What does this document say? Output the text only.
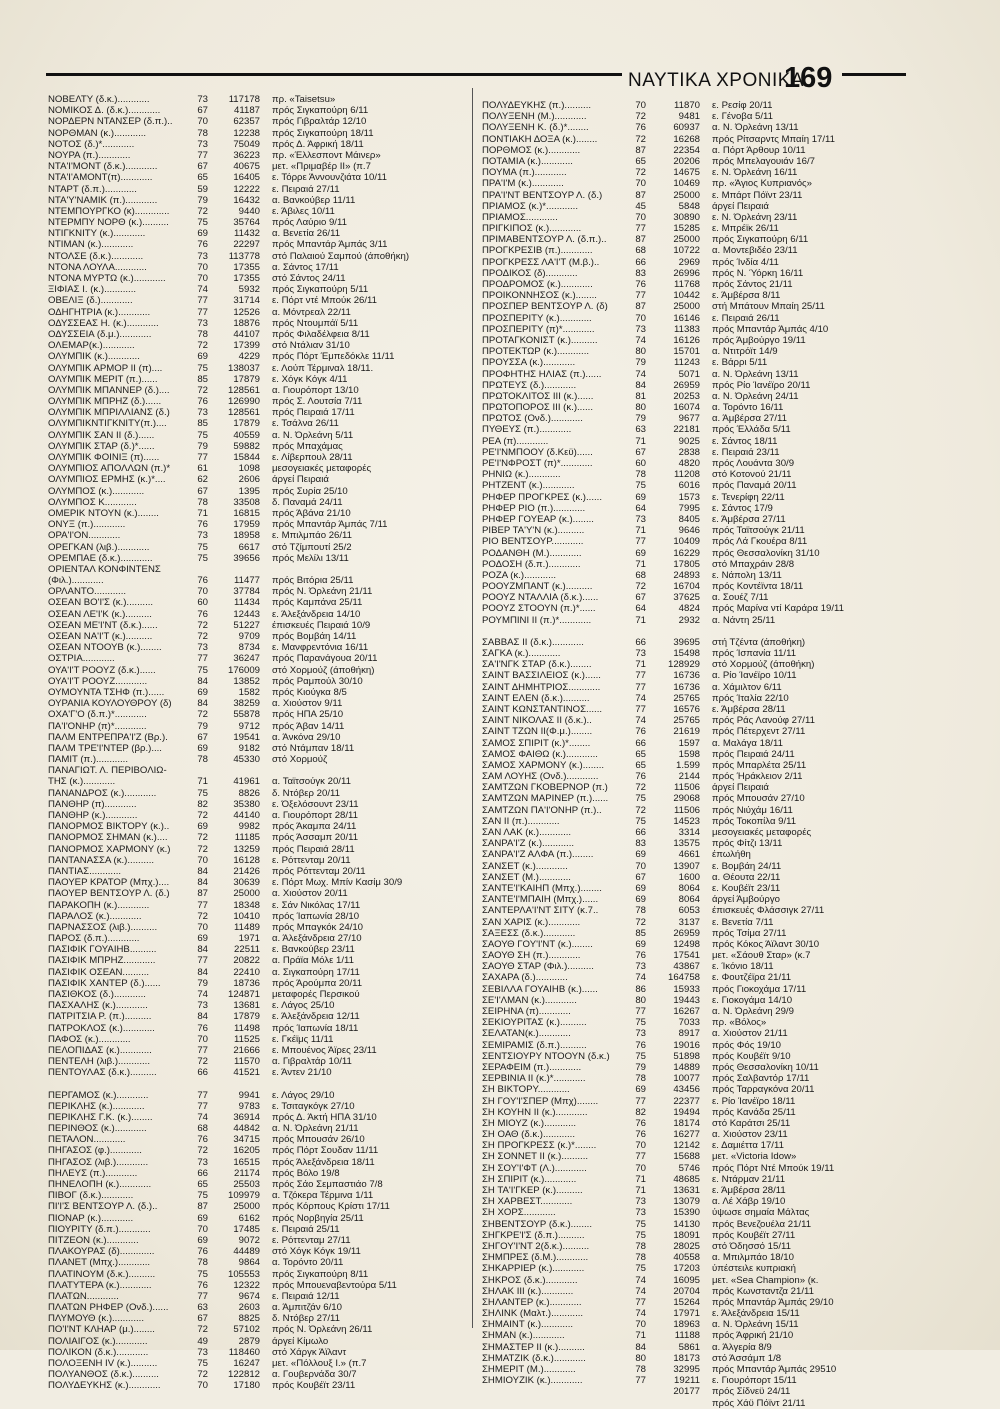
ΝΑΥΤΙΚΑ ΧΡΟΝΙΚΑ
169
ΝΟΒΕΛΤΥ (δ.κ.)............	73	117178	πρ. «Taisetsu»
ΝΟΜΙΚΟΣ Δ. (δ.κ.)............	67	41187	πρός Σιγκαπούρη 6/11
ΝΟΡΔΕΡΝ ΝΤΑΝΣΕΡ (δ.π.)..	70	62357	πρός Γιβραλτάρ 12/10
ΝΟΡΘΜΑΝ (κ.)............	78	12238	πρός Σιγκαπούρη 18/11
ΝΟΤΟΣ (δ.)*............	73	75049	πρός Δ. Άφρική 18/11
ΝΟΥΡΑ (π.)............	77	36223	πρ. «Έλλεσποντ Μάινερ»
ΝΤΑ'Ι'ΜΟΝΤ (δ.κ.)............	67	40675	μετ. «Πριμαβέρ ΙΙ» (π.7
ΝΤΑ'Ι'ΑΜΟΝΤ(π)............	65	16405	ε. Τόρρε Άννουνζιάτα 10/11
ΝΤΑΡΤ (δ.π.)............	59	12222	ε. Πειραιά 27/11
ΝΤΑ'Υ'ΝΑΜΙΚ (π.)............	79	16432	α. Βανκούβερ 11/11
ΝΤΕΜΠΟΥΡΓΚΟ (κ).............	72	9440	ε. Άβιλες 10/11
ΝΤΕΡΜΠΥ ΝΟΡΘ (κ.)..........	75	35764	πρός Λαύριο 9/11
ΝΤΙΓΚΝΙΤΥ (κ.)............	69	11432	α. Βενετία 26/11
ΝΤΙΜΑΝ (κ.)............	76	22297	πρός Μπαντάρ Άμπάς 3/11
ΝΤΟΛΣΕ (δ.κ.)............	73	113778	στό Παλαιού Σαμπού (άποθήκη)
ΝΤΟΝΑ ΛΟΥΛΑ............	70	17355	α. Σάντος 17/11
ΝΤΟΝΑ ΜΥΡΤΩ (κ.)............	70	17355	στό Σάντος 24/11
ΞΙΦΙΑΣ Ι. (κ.)............	74	5932	πρός Σιγκαπούρη 5/11
ΟΒΕΛΙΞ (δ.)............	77	31714	ε. Πόρτ ντέ Μπούκ 26/11
ΟΔΗΓΗΤΡΙΑ (κ.)............	77	12526	α. Μόντρεαλ 22/11
ΟΔΥΣΣΕΑΣ Η. (κ.)............	73	18876	πρός Ντουμπάϊ 5/11
ΟΔΥΣΣΕΙΑ (δ.μ.)............	78	44107	πρός Φιλαδέλφεια 8/11
ΟΛΕΜΑΡ(κ.)............	72	17399	στό Ντάλιαν 31/10
ΟΛΥΜΠΙΚ (κ.)............	69	4229	πρός Πόρτ Έμπεδόκλε 11/11
ΟΛΥΜΠΙΚ ΑΡΜΟΡ ΙΙ (π)....	75	138037	ε. Λούπ Τέρμιναλ 18/11.
ΟΛΥΜΠΙΚ ΜΕΡΙΤ (π.)......	85	17879	ε. Χόγκ Κόγκ 4/11
ΟΛΥΜΠΙΚ ΜΠΑΝΝΕΡ (δ.)....	72	128561	α. Γιουρόπορτ 13/10
ΟΛΥΜΠΙΚ ΜΠΡΗΖ (δ.)......	76	126990	πρός Σ. Λουτσία 7/11
ΟΛΥΜΠΙΚ ΜΠΡΙΛΛΙΑΝΣ (δ.)	73	128561	πρός Πειραιά 17/11
ΟΛΥΜΠΙΚΝΤΙΓΚΝΙΤΥ(π.)....	85	17879	ε. Τσάλνα 26/11
ΟΛΥΜΠΙΚ ΣΑΝ ΙΙ (δ.)......	75	40559	α. Ν. Όρλεάνη 5/11
ΟΛΥΜΠΙΚ ΣΤΑΡ (δ.)*......	79	59882	πρός Μπαχάμας
ΟΛΥΜΠΙΚ ΦΟΙΝΙΞ (π)......	77	15844	ε. Λίβερπουλ 28/11
ΟΛΥΜΠΙΟΣ ΑΠΟΛΛΩΝ (π.)*	61	1098	μεσογειακές μεταφορές
ΟΛΥΜΠΙΟΣ ΕΡΜΗΣ (κ.)*....	62	2606	άργεί Πειραιά
ΟΛΥΜΠΟΣ (κ.)............	67	1395	πρός Συρία 25/10
ΟΛΥΜΠΟΣ Κ............	78	33508	δ. Παναμά 24/11
ΟΜΕΡΙΚ ΝΤΟΥΝ (κ.)........	71	16815	πρός Άβάνα 21/10
ΟΝΥΞ (π.)............	76	17959	πρός Μπαντάρ Άμπάς 7/11
ΟΡΑ'Ι'ΟΝ............	73	18958	ε. Μπιλμπάο 26/11
ΟΡΕΓΚΑΝ (λιβ.)............	75	6617	στό Τζίμπουτί 25/2
ΟΡΕΜΠΑΕ (δ.κ.)............	75	39656	πρός Μελίλι 13/11
ΟΡΙΕΝΤΑΛ ΚΟΝΦΙΝΤΕΝΣ
(Φιλ.)............	76	11477	πρός Βιτόρια 25/11
ΟΡΛΑΝΤΟ............	70	37784	πρός Ν. Όρλεάνη 21/11
ΟΣΕΑΝ ΒΟ'Ι'Σ (κ.)..........	60	11434	πρός Καμπάνα 25/11
ΟΣΕΑΝ ΛΕ'Ι'Κ (κ.)..........	76	12443	ε. Άλεξάνδρεια 14/10
ΟΣΕΑΝ ΜΕ'Ι'ΝΤ (δ.κ.)......	72	51227	έπισκευές Πειραιά 10/9
ΟΣΕΑΝ ΝΑ'Ι'Τ (κ.)..........	72	9709	πρός Βομβάη 14/11
ΟΣΕΑΝ ΝΤΟΟΥΒ (κ.)........	73	8734	ε. Μανφρεντόνια 16/11
ΟΣΤΡΙΑ............	77	36247	πρός Παρανάγουα 20/11
ΟΥΑ'Ι'Τ ΡΟΟΥΖ (δ.κ.)......	75	176009	στό Χορμούζ (άποθήκη)
ΟΥΑ'Ι'Τ ΡΟΟΥΖ............	84	13852	πρός Ραμπούλ 30/10
ΟΥΜΟΥΝΤΑ ΤΣΗΦ (π.)......	69	1582	πρός Κιούγκα 8/5
ΟΥΡΑΝΙΑ ΚΟΥΛΟΥΘΡΟΥ (δ)	84	38259	α. Χιούστον 9/11
ΟΧΑ'Γ'Ο (δ.π.)*............	72	55878	πρός ΗΠΑ 25/10
ΠΑ'Ι'ΟΝΗΡ (π)*............	79	9712	πρός Άβαν 14/11
ΠΑΛΜ ΕΝΤΡΕΠΡΑ'Ι'Ζ (Βρ.).	67	19541	α. Άνκόνα 29/10
ΠΑΛΜ ΤΡΕ'Ι'ΝΤΕΡ (βρ.)....	69	9182	στό Ντάμπαν 18/11
ΠΑΜΙΤ (π.)............	78	45330	στό Χορμούζ
ΠΑΝΑΓΙΩΤ. Λ. ΠΕΡΙΒΟΛΙΩ-
ΤΗΣ (κ.)............	71	41961	α. Ταϊτσούγκ 20/11
ΠΑΝΑΝΔΡΟΣ (κ.)............	75	8826	δ. Ντόβερ 20/11
ΠΑΝΘΗΡ (π)............	82	35380	ε. Όξελόσουντ 23/11
ΠΑΝΘΗΡ (κ.)............	72	44140	α. Γιουρόπορτ 28/11
ΠΑΝΟΡΜΟΣ ΒΙΚΤΟΡΥ (κ.)..	69	9982	πρός Άκαμπα 24/11
ΠΑΝΟΡΜΟΣ ΣΗΜΑΝ (κ.)....	72	11185	πρός Άσσαμπ 20/11
ΠΑΝΟΡΜΟΣ ΧΑΡΜΟΝΥ (κ.)	72	13259	πρός Πειραιά 28/11
ΠΑΝΤΑΝΑΣΣΑ (κ.)..........	70	16128	ε. Ρόττενταμ 20/11
ΠΑΝΤΙΑΣ............	84	21426	πρός Ρόττενταμ 20/11
ΠΑΟΥΕΡ ΚΡΑΤΟΡ (Μπχ.)....	84	30639	ε. Πόρτ Μωχ. Μπίν Κασίμ 30/9
ΠΑΟΥΕΡ ΒΕΝΤΣΟΥΡ Λ. (δ.)	87	25000	α. Χιούστον 20/11
ΠΑΡΑΚΟΠΗ (κ.)............	77	18348	ε. Σάν Νικόλας 17/11
ΠΑΡΑΛΟΣ (κ.)............	72	10410	πρός Ίαπωνία 28/10
ΠΑΡΝΑΣΣΟΣ (λιβ.)..........	70	11489	πρός Μπαγκόκ 24/10
ΠΑΡΟΣ (δ.π.)............	69	1971	α. Άλεξάνδρεια 27/10
ΠΑΣΙΦΙΚ ΓΟΥΑΙΗΒ..........	84	22511	ε. Βανκούβερ 23/11
ΠΑΣΙΦΙΚ ΜΠΡΗΖ............	77	20822	α. Πράϊα Μόλε 1/11
ΠΑΣΙΦΙΚ ΟΣΕΑΝ..........	84	22410	α. Σιγκαπούρη 17/11
ΠΑΣΙΦΙΚ ΧΑΝΤΕΡ (δ.)......	79	18736	πρός Άρούμπα 20/11
ΠΑΣΙΘΚΟΣ (δ.)............	74	124871	μεταφορές Περσικού
ΠΑΣΧΑΛΗΣ (κ.)............	73	13681	ε. Λάγος 25/10
ΠΑΤΡΙΤΣΙΑ Ρ. (π.)..........	84	17879	ε. Άλεξάνδρεια 12/11
ΠΑΤΡΟΚΛΟΣ (κ.)............	76	11498	πρός Ίαπωνία 18/11
ΠΑΦΟΣ (κ.)............	70	11525	ε. Γκέϊμς 11/11
ΠΕΛΟΠΙΔΑΣ (κ.)............	77	21666	ε. Μπουένος Άϊρες 23/11
ΠΕΝΤΕΛΗ (λιβ.)............	72	11570	α. Γιβραλτάρ 10/11
ΠΕΝΤΟΥΛΑΣ (δ.κ.)..........	66	41521	ε. Άντεν 21/10
ΠΕΡΓΑΜΟΣ (κ.)............	77	9941	ε. Λάγος 29/10
ΠΕΡΙΚΛΗΣ (κ.)............	77	9783	ε. Τσιταγκόγκ 27/10
ΠΕΡΙΚΛΗΣ Γ.Κ. (κ.)........	74	36914	πρός Δ. Άκτή ΗΠΑ 31/10
ΠΕΡΙΝΘΟΣ (κ.)............	68	44842	α. Ν. Όρλεάνη 21/11
ΠΕΤΑΛΟΝ............	76	34715	πρός Μπουσάν 26/10
ΠΗΓΑΣΟΣ (φ.)............	72	16205	πρός Πόρτ Σουδαν 11/11
ΠΗΓΑΣΟΣ (λιβ.)............	73	16515	πρός Άλεξάνδρεια 18/11
ΠΗΛΕΥΣ (π.)............	66	21174	πρός Βόλο 19/8
ΠΗΝΕΛΟΠΗ (κ.)............	65	25503	πρός Σάο Σεμπαστιάο 7/8
ΠΙΒΟΓ (δ.κ.)............	75	109979	α. Τζόκερα Τέρμινα 1/11
ΠΙ'Ι'Σ ΒΕΝΤΣΟΥΡ Λ. (δ.)..	87	25000	πρός Κόρπους Κρίστι 17/11
ΠΙΟΝΑΡ (κ.)............	69	6162	πρός Νορβηγία 25/11
ΠΙΟΥΡΙΤΥ (δ.π.)............	70	17485	ε. Πειραιά 25/11
ΠΙΤΖΕΟΝ (κ.)............	69	9072	ε. Ρόττενταμ 27/11
ΠΛΑΚΟΥΡΑΣ (δ).............	76	44489	στό Χόγκ Κόγκ 19/11
ΠΛΑΝΕΤ (Μπχ.)............	78	9864	α. Τορόντο 20/11
ΠΛΑΤΙΝΟΥΜ (δ.κ.)..........	75	105553	πρός Σιγκαπούρη 8/11
ΠΛΑΤΥΤΕΡΑ (κ.)............	76	12322	πρός Μπουεναβεντούρα 5/11
ΠΛΑΤΩΝ............	77	9674	ε. Πειραιά 12/11
ΠΛΑΤΩΝ ΡΗΦΕΡ (Ονδ.)......	63	2603	α. Άμπιτζάν 6/10
ΠΛΥΜΟΥΘ (κ.)............	67	8825	δ. Ντόβερ 27/11
ΠΟ'Ι'ΝΤ ΚΛΗΑΡ (μ.)........	72	57102	πρός Ν. Όρλεάνη 26/11
ΠΟΛΙΑΙΓΟΣ (κ.)............	49	2879	άργεί Κίμωλο
ΠΟΛΙΚΟΝ (δ.κ.)............	73	118460	στό Χάργκ Άϊλαντ
ΠΟΛΟΞΕΝΗ ΙV (κ.)..........	75	16247	μετ. «Πόλλουξ Ι.» (π.7
ΠΟΛΥΑΝΘΟΣ (δ.κ.)..........	72	122812	α. Γουβερνάδα 30/7
ΠΟΛΥΔΕΥΚΗΣ (κ.)............	70	17180	πρός Κουβέϊτ 23/11
ΠΟΛΥΔΕΥΚΗΣ (π.)..........	70	11870	ε. Ρεσίφ 20/11
ΠΟΛΥΞΕΝΗ (Μ.)............	72	9481	ε. Γένοβα 5/11
ΠΟΛΥΞΕΝΗ Κ. (δ.)*........	76	60937	α. Ν. Όρλεάνη 13/11
ΠΟΝΤΙΑΚΗ ΔΟΞΑ (κ.)........	72	16268	πρός Ρίτσαρντς Μπαίη 17/11
ΠΟΡΘΜΟΣ (κ.)............	87	22354	α. Πόρτ Άρθουρ 10/11
ΠΟΤΑΜΙΑ (κ.)............	65	20206	πρός Μπελαγουιάν 16/7
ΠΟΥΜΑ (π.)............	72	14675	ε. Ν. Όρλεάνη 16/11
ΠΡΑ'Ι'Μ (κ.)............	70	10469	πρ. «Άγιος Κυπριανός»
ΠΡΑ'Ι'ΝΤ ΒΕΝΤΣΟΥΡ Λ. (δ.)	87	25000	ε. Μπάρτ Πόϊντ 23/11
ΠΡΙΑΜΟΣ (κ.)*............	45	5848	άργεί Πειραιά
ΠΡΙΑΜΟΣ............	70	30890	ε. Ν. Όρλεάνη 23/11
ΠΡΙΓΚΙΠΟΣ (κ.)............	77	15285	ε. Μπρέϊκ 26/11
ΠΡΙΜΑΒΕΝΤΣΟΥΡ Λ. (δ.π.)..	87	25000	πρός Σιγκαπούρη 6/11
ΠΡΟΓΚΡΕΣΙΒ (π.)............	68	10722	α. Μοντεβιδέο 23/11
ΠΡΟΓΚΡΕΣΣ ΛΑ'Ι'Τ (Μ.β.)..	66	2969	πρός Ίνδία 4/11
ΠΡΟΔΙΚΟΣ (δ)............	83	26996	πρός Ν. Ύόρκη 16/11
ΠΡΟΔΡΟΜΟΣ (κ.)............	76	11768	πρός Σάντος 21/11
ΠΡΟΙΚΟΝΝΗΣΟΣ (κ.)........	77	10442	ε. Άμβέρσα 8/11
ΠΡΟΣΠΕΡ ΒΕΝΤΣΟΥΡ Λ. (δ)	87	25000	στή Μπάτουν Μπαίη 25/11
ΠΡΟΣΠΕΡΙΤΥ (κ.)............	70	16146	ε. Πειραιά 26/11
ΠΡΟΣΠΕΡΙΤΥ (π)*............	73	11383	πρός Μπαντάρ Άμπάς 4/10
ΠΡΟΤΑΓΚΟΝΙΣΤ (κ.)..........	74	16126	πρός Άμβούργο 19/11
ΠΡΟΤΕΚΤΩΡ (κ.)............	80	15701	α. Ντιτρόϊτ 14/9
ΠΡΟΥΣΣΑ (κ.)............	79	11243	ε. Βάρρι 5/11
ΠΡΟΦΗΤΗΣ ΗΛΙΑΣ (π.)......	74	5071	α. Ν. Όρλεάνη 13/11
ΠΡΩΤΕΥΣ (δ.)............	84	26959	πρός Ρίο Ίανέϊρο 20/11
ΠΡΩΤΟΚΛΙΤΟΣ ΙΙΙ (κ.)......	81	20253	α. Ν. Όρλεάνη 24/11
ΠΡΩΤΟΠΟΡΟΣ ΙΙΙ (κ.)......	80	16074	α. Τορόντο 16/11
ΠΡΩΤΟΣ (Ονδ.)............	79	9677	α. Άμβέρσα 27/11
ΠΥΘΕΥΣ (π.)............	63	22181	πρός Έλλάδα 5/11
ΡΕΑ (π)............	71	9025	ε. Σάντος 18/11
ΡΕ'Ι'ΝΜΠΟΟΥ (δ.Κεϋ)......	67	2838	ε. Πειραιά 23/11
ΡΕ'Ι'ΝΦΡΟΣΤ (π)*............	60	4820	πρός Λουάντα 30/9
ΡΗΝΙΩ (κ.)............	78	11208	στό Κοτονού 21/11
ΡΗΤΖΕΝΤ (κ.)............	75	6016	πρός Παναμά 20/11
ΡΗΦΕΡ ΠΡΟΓΚΡΕΣ (κ.)......	69	1573	ε. Τενερίφη 22/11
ΡΗΦΕΡ ΡΙΟ (π.)............	64	7995	ε. Σάντος 17/9
ΡΗΦΕΡ ΓΟΥΕΑΡ (κ.)........	73	8405	ε. Άμβέρσα 27/11
ΡΙΒΕΡ ΤΑ'Υ'Ν (κ.)..........	71	9646	πρός Ταϊτσούγκ 21/11
ΡΙΟ ΒΕΝΤΣΟΥΡ............	77	10409	πρός Λά Γκουέρα 8/11
ΡΟΔΑΝΘΗ (Μ.)............	69	16229	πρός Θεσσαλονίκη 31/10
ΡΟΔΟΣΗ (δ.π.)............	71	17805	στό Μπαχράιν 28/8
ΡΟΖΑ (κ.)............	68	24893	ε. Νάπολη 13/11
ΡΟΟΥΖΜΠΑΝΤ (κ.)..........	72	16704	πρός Κοντέϊντα 18/11
ΡΟΟΥΖ ΝΤΑΛΛΙΑ (δ.κ.)......	67	37625	α. Σουέζ 7/11
ΡΟΟΥΖ ΣΤΟΟΥΝ (π.)*......	64	4824	πρός Μαρίνα ντί Καράρα 19/11
ΡΟΥΜΠΙΝΙ ΙΙ (π.)*............	71	2932	α. Νάντη 25/11
ΣΑΒΒΑΣ ΙΙ (δ.κ.)............	66	39695	στή Τζέντα (άποθήκη)
ΣΑΓΚΑ (κ.)............	73	15498	πρός Ίσπανία 11/11
ΣΑ'Ι'ΝΓΚ ΣΤΑΡ (δ.κ.)........	71	128929	στό Χορμούζ (άποθήκη)
ΣΑΙΝΤ ΒΑΣΣΙΛΕΙΟΣ (κ.)......	77	16736	α. Ρίο Ίανέϊρο 10/11
ΣΑΙΝΤ ΔΗΜΗΤΡΙΟΣ............	77	16736	α. Χάμιλτον 6/11
ΣΑΙΝΤ ΕΛΕΝ (δ.κ.)..........	74	25765	πρός Ίταλία 22/10
ΣΑΙΝΤ ΚΩΝΣΤΑΝΤΙΝΟΣ......	77	16576	ε. Άμβέρσα 28/11
ΣΑΙΝΤ ΝΙΚΟΛΑΣ ΙΙ (δ.κ.)..	74	25765	πρός Ράς Λανούφ 27/11
ΣΑΙΝΤ ΤΖΩΝ ΙΙ(Φ.μ.)........	76	21619	πρός Πέτερχεντ 27/11
ΣΑΜΟΣ ΣΠΙΡΙΤ (κ.)*........	66	1597	α. Μαλάγα 18/11
ΣΑΜΟΣ ΦΑΙΘΩ (κ.)............	65	1598	πρός Πειραιά 24/11
ΣΑΜΟΣ ΧΑΡΜΟΝΥ (κ.)........	65	1.599	πρός Μπαρλέτα 25/11
ΣΑΜ ΛΟΥΗΣ (Ονδ.)............	76	2144	πρός Ήράκλειον 2/11
ΣΑΜΤΖΩΝ ΓΚΟΒΕΡΝΟΡ (π.)	72	11506	άργεί Πειραιά
ΣΑΜΤΖΩΝ ΜΑΡΙΝΕΡ (π.)......	75	29068	πρός Μπουσάν 27/10
ΣΑΜΤΖΩΝ ΠΑ'Ι'ΟΝΗΡ (π.)..	72	11506	πρός Νιύχάμ 16/11
ΣΑΝ ΙΙ (π.)............	75	14523	πρός Τοκοπίλα 9/11
ΣΑΝ ΛΑΚ (κ.)............	66	3314	μεσογειακές μεταφορές
ΣΑΝΡΑ'Ι'Ζ (κ.)............	83	13575	πρός Φίτζι 13/11
ΣΑΝΡΑ'Ι'Ζ ΑΛΦΑ (π.)........	69	4661	έπωλήθη
ΣΑΝΣΕΤ (κ.)............	70	13907	ε. Βομβάη 24/11
ΣΑΝΣΕΤ (Μ.)............	67	1600	α. Θέουτα 22/11
ΣΑΝΤΕ'Ι'ΚΑΙΗΠ (Μπχ.)........	69	8064	ε. Κουβέϊτ 23/11
ΣΑΝΤΕ'Ι'ΜΠΑΙΗ (Μπχ.)......	69	8064	άργεί Άμβούργο
ΣΑΝΤΕΡΛΑ'Ι'ΝΤ ΣΙΤΥ (κ.7..	78	6053	έπισκευές Φλάσσιγκ 27/11
ΣΑΝ ΧΑΡΙΣ (κ.)............	72	3137	ε. Βενετία 7/11
ΣΑΞΕΣΣ (δ.κ.)............	85	26959	πρός Τσίμα 27/11
ΣΑΟΥΘ ΓΟΥ'Ι'ΝΤ (κ.)........	69	12498	πρός Κόκος Άϊλαντ 30/10
ΣΑΟΥΘ ΣΗ (π.)............	76	17541	μετ. «Σάουθ Σταρ» (κ.7
ΣΑΟΥΘ ΣΤΑΡ (Φιλ.)..........	73	43867	ε. Ίκόνιο 18/11
ΣΑΧΑΡΑ (δ.)............	74	164758	ε. Φουτζέϊρα 21/11
ΣΕΒΙΛΛΑ ΓΟΥΑΙΗΒ (κ.)......	86	15933	πρός Γιοκοχάμα 17/11
ΣΕ'Ι'ΛΜΑΝ (κ.)............	80	19443	ε. Γιοκογάμα 14/10
ΣΕΙΡΗΝΑ (π)............	77	16267	α. Ν. Όρλεάνη 29/9
ΣΕΚΙΟΥΡΙΤΑΣ (κ.)..........	75	7033	πρ. «Βόλος»
ΣΕΛΑΤΑΝ(κ.)............	73	8917	α. Χιούστον 21/11
ΣΕΜΙΡΑΜΙΣ (δ.π.)..........	76	19016	πρός Φός 19/10
ΣΕΝΤΣΙΟΥΡΥ ΝΤΟΟΥΝ (δ.κ.)	75	51898	πρός Κουβέϊτ 9/10
ΣΕΡΑΦΕΙΜ (π.)............	79	14889	πρός Θεσσαλονίκη 10/11
ΣΕΡΒΙΝΙΑ ΙΙ (κ.)*............	78	10077	πρός Σαλβαντόρ 17/11
ΣΗ ΒΙΚΤΟΡΥ............	69	43456	πρός Ταρραγκόνα 20/11
ΣΗ ΓΟΥ'Ι'ΣΠΕΡ (Μπχ)........	77	22377	ε. Ρίο Ίανέϊρο 18/11
ΣΗ ΚΟΥΗΝ ΙΙ (κ.)............	82	19494	πρός Κανάδα 25/11
ΣΗ ΜΙΟΥΖ (κ.)............	76	18174	στό Καράτσι 25/11
ΣΗ ΟΑΘ (δ.κ.)............	76	16277	α. Χιούστον 23/11
ΣΗ ΠΡΟΓΚΡΕΣΣ (κ.)*........	70	12142	ε. Δαμιέττα 17/11
ΣΗ ΣΟΝΝΕΤ ΙΙ (κ.)..........	77	15688	μετ. «Victoria Idow»
ΣΗ ΣΟΥ'Ι'ΦΤ (Λ.)............	70	5746	πρός Πόρτ Ντέ Μπούκ 19/11
ΣΗ ΣΠΙΡΙΤ (κ.)............	71	48685	ε. Ντάρμαν 21/11
ΣΗ ΤΑ'Ι'ΓΚΕΡ (κ.)..........	71	13631	ε. Άμβέρσα 28/11
ΣΗ ΧΑΡΒΕΣΤ............	73	13079	α. Λέ Χάβρ 19/10
ΣΗ ΧΟΡΣ............	73	15390	ύψωσε σημαία Μάλτας
ΣΗΒΕΝΤΣΟΥΡ (δ.κ.)........	75	14130	πρός Βενεζουέλα 21/11
ΣΗΓΚΡΕ'Ι'Σ (δ.π.)..........	75	18091	πρός Κουβέϊτ 27/11
ΣΗΓΟΥ'Ι'ΝΤ 2(δ.κ.)..........	78	28025	στό Όδησσό 15/11
ΣΗΜΠΡΕΣ (δ.Μ.)............	78	40558	α. Μπιλμπάο 18/10
ΣΗΚΑΡΡΙΕΡ (κ.)............	75	17203	ύπέστειλε κυπριακή
ΣΗΚΡΟΣ (δ.κ.)............	74	16095	μετ. «Sea Champion» (κ.
ΣΗΛΑΚ ΙΙΙ (κ.)............	74	20704	πρός Κωνσταντζα 21/11
ΣΗΛΑΝΤΕΡ (κ.)............	77	15264	πρός Μπαντάρ Άμπάς 29/10
ΣΗΛΙΝΚ (Μαλτ.)............	74	17971	ε. Άλεξάνδρεια 15/11
ΣΗΜΑΙΝΤ (κ.)............	70	18963	α. Ν. Όρλεάνη 15/11
ΣΗΜΑΝ (κ.)............	71	11188	πρός Άφρική 21/10
ΣΗΜΑΣΤΕΡ ΙΙ (κ.)..........	84	5861	α. Άλγερία 8/9
ΣΗΜΑΤΖΙΚ (δ.κ.)............	80	18173	στό Άσσάμπ 1/8
ΣΗΜΕΡΙΤ (Μ.)............	78	32995	πρός Μπαντάρ Άμπάς 29510
ΣΗΜΙΟΥΖΙΚ (κ.)............	77	19211	ε. Γιουρόπορτ 15/11
20177	πρός Σίδνεϋ 24/11
πρός Χάϋ Πόϊντ 21/11
